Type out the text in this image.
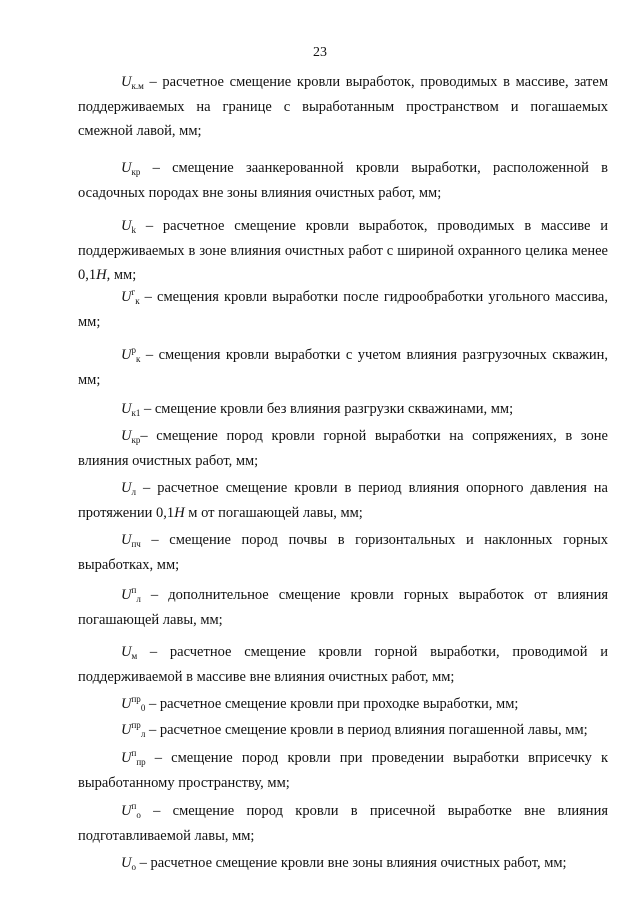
23

$U_{к.м}$ – расчетное смещение кровли выработок, проводимых в массиве, затем поддерживаемых на границе с выработанным пространством и погашаемых смежной лавой, мм;

$U_{кр}$ – смещение заанкерованной кровли выработки, расположенной в осадочных породах вне зоны влияния очистных работ, мм;

$U_k$ – расчетное смещение кровли выработок, проводимых в массиве и поддерживаемых в зоне влияния очистных работ с шириной охранного целика менее 0,1H, мм;

$U^г_к$ – смещения кровли выработки после гидрообработки угольного массива, мм;

$U^р_к$ – смещения кровли выработки с учетом влияния разгрузочных скважин, мм;

$U_{к1}$ – смещение кровли без влияния разгрузки скважинами, мм;

$U_{кр}-$ смещение пород кровли горной выработки на сопряжениях, в зоне влияния очистных работ, мм;

$U_л$ – расчетное смещение кровли в период влияния опорного давления на протяжении 0,1H м от погашающей лавы, мм;

$U_{пч}$ – смещение пород почвы в горизонтальных и наклонных горных выработках, мм;

$U^п_л$ – дополнительное смещение кровли горных выработок от влияния погашающей лавы, мм;

$U_м$ – расчетное смещение кровли горной выработки, проводимой и поддерживаемой в массиве вне влияния очистных работ, мм;

$U^{пр}_0$ – расчетное смещение кровли при проходке выработки, мм;

$U^{пр}_л$ – расчетное смещение кровли в период влияния погашенной лавы, мм;

$U^п_{пр}$ – смещение пород кровли при проведении выработки вприсечку к выработанному пространству, мм;

$U^п_о$ – смещение пород кровли в присечной выработке вне влияния подготавливаемой лавы, мм;

$U_о$ – расчетное смещение кровли вне зоны влияния очистных работ, мм;
